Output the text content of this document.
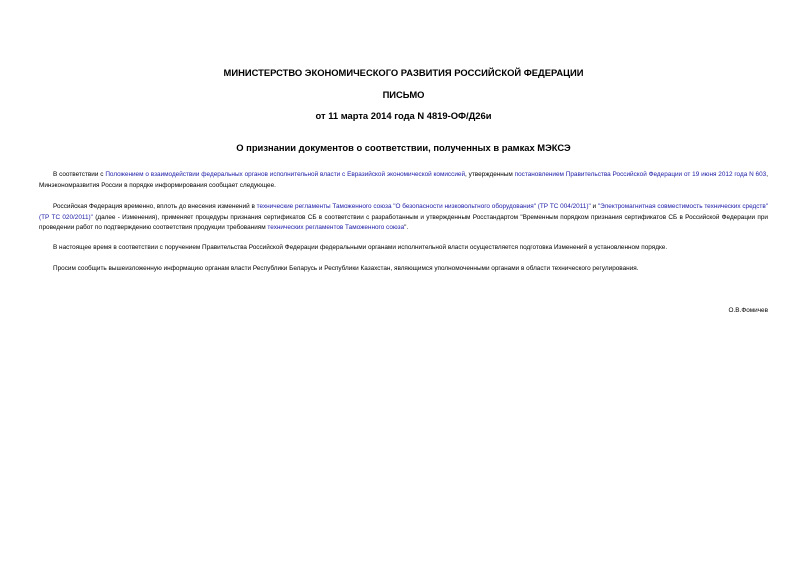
МИНИСТЕРСТВО ЭКОНОМИЧЕСКОГО РАЗВИТИЯ РОССИЙСКОЙ ФЕДЕРАЦИИ
ПИСЬМО
от 11 марта 2014 года N 4819-ОФ/Д26и
О признании документов о соответствии, полученных в рамках МЭКСЭ
В соответствии с Положением о взаимодействии федеральных органов исполнительной власти с Евразийской экономической комиссией, утвержденным постановлением Правительства Российской Федерации от 19 июня 2012 года N 603, Минэкономразвития России в порядке информирования сообщает следующее.
Российская Федерация временно, вплоть до внесения изменений в технические регламенты Таможенного союза "О безопасности низковольтного оборудования" (ТР ТС 004/2011)" и "Электромагнитная совместимость технических средств" (ТР ТС 020/2011)" (далее - Изменения), применяет процедуры признания сертификатов СБ в соответствии с разработанным и утвержденным Росстандартом "Временным порядком признания сертификатов СБ в Российской Федерации при проведении работ по подтверждению соответствия продукции требованиям технических регламентов Таможенного союза".
В настоящее время в соответствии с поручением Правительства Российской Федерации федеральными органами исполнительной власти осуществляется подготовка Изменений в установленном порядке.
Просим сообщить вышеизложенную информацию органам власти Республики Беларусь и Республики Казахстан, являющимся уполномоченными органами в области технического регулирования.
О.В.Фомичев
